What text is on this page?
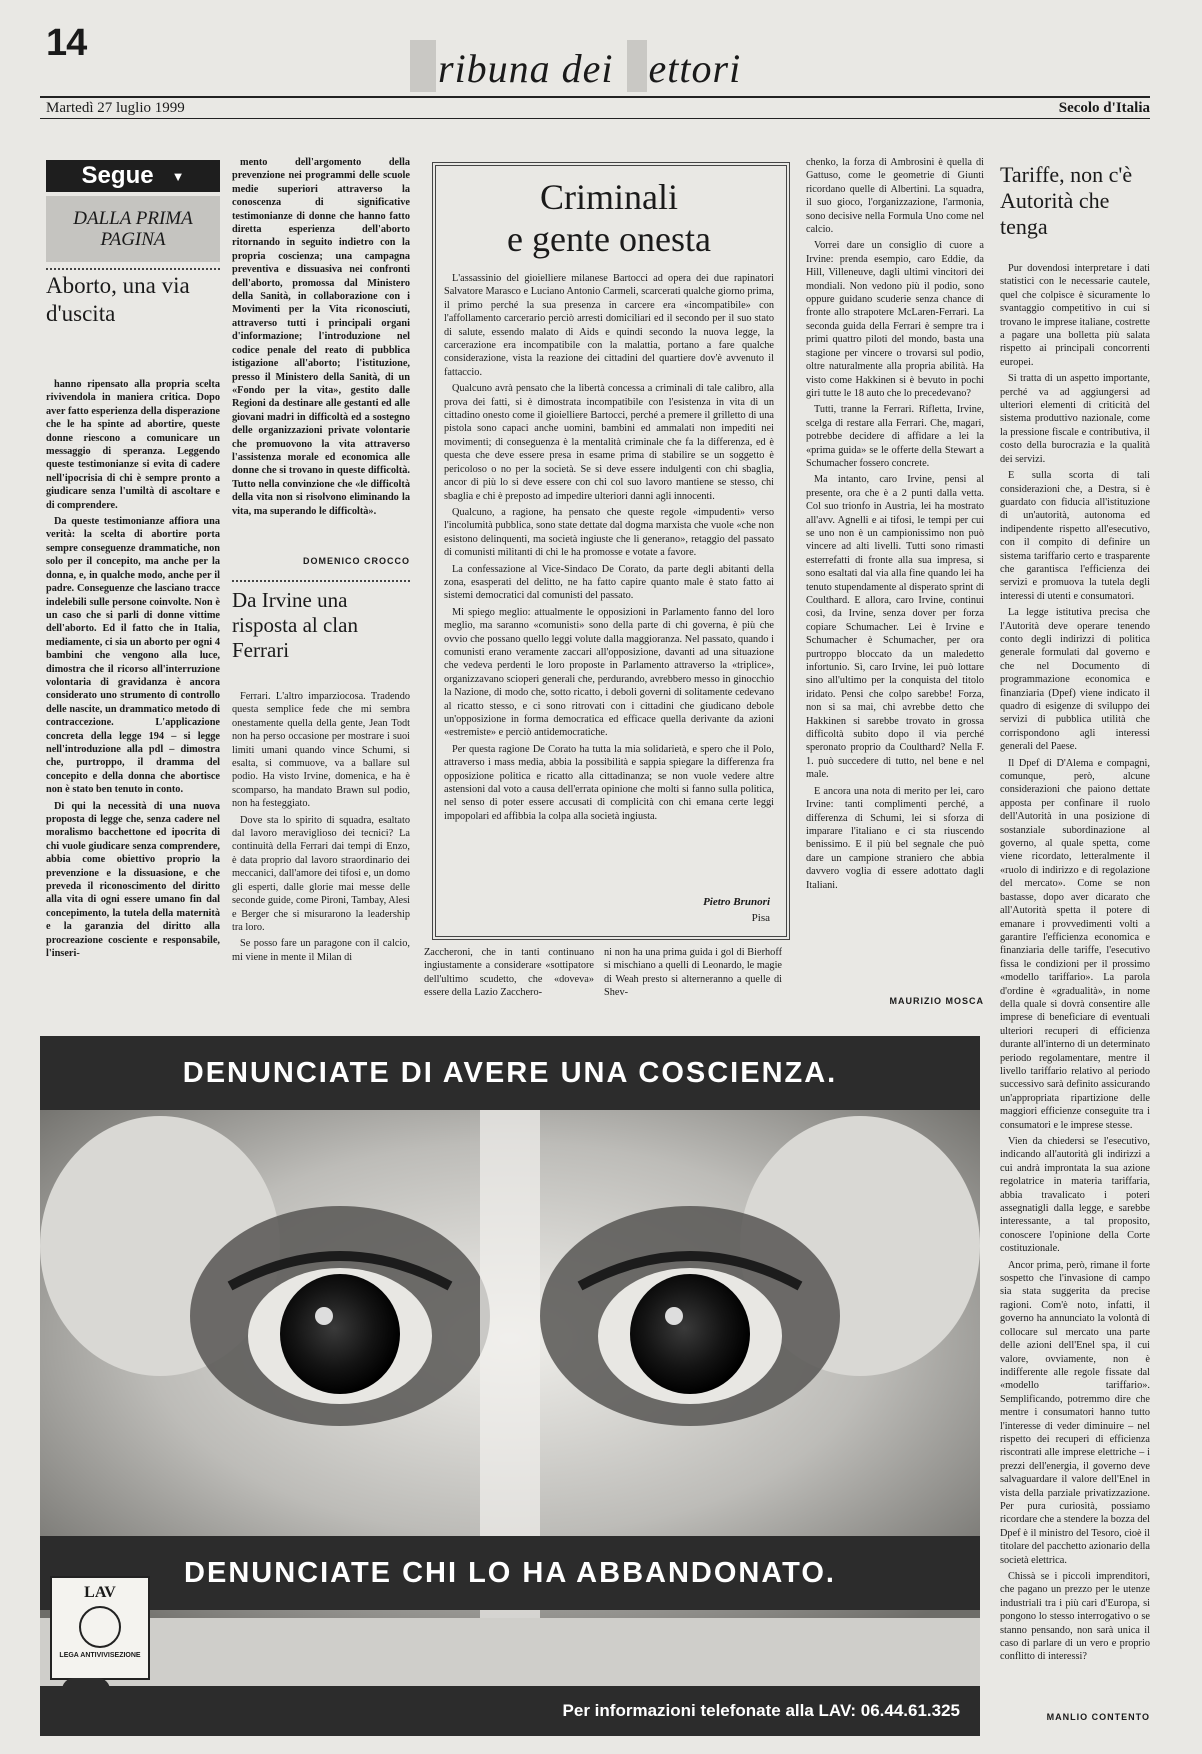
14
ribuna dei ettori
Martedì 27 luglio 1999	Secolo d'Italia
Segue ▼
DALLA PRIMA PAGINA
Aborto, una via d'uscita

hanno ripensato alla propria scelta rivivendola in maniera critica. Dopo aver fatto esperienza della disperazione che le ha spinte ad abortire, queste donne riescono a comunicare un messaggio di speranza. Leggendo queste testimonianze si evita di cadere nell'ipocrisia di chi è sempre pronto a giudicare senza l'umiltà di ascoltare e di comprendere.

Da queste testimonianze affiora una verità: la scelta di abortire porta sempre conseguenze drammatiche, non solo per il concepito, ma anche per la donna, e, in qualche modo, anche per il padre. Conseguenze che lasciano tracce indelebili sulle persone coinvolte. Non è un caso che si parli di donne vittime dell'aborto. Ed il fatto che in Italia, mediamente, ci sia un aborto per ogni 4 bambini che vengono alla luce, dimostra che il ricorso all'interruzione volontaria di gravidanza è ancora considerato uno strumento di controllo delle nascite, un drammatico metodo di contraccezione. L'applicazione concreta della legge 194 – si legge nell'introduzione alla pdl – dimostra che, purtroppo, il dramma del concepito e della donna che abortisce non è stato ben tenuto in conto.

Di qui la necessità di una nuova proposta di legge che, senza cadere nel moralismo bacchettone ed ipocrita di chi vuole giudicare senza comprendere, abbia come obiettivo proprio la prevenzione e la dissuasione, e che preveda il riconoscimento del diritto alla vita di ogni essere umano fin dal concepimento, la tutela della maternità e la garanzia del diritto alla procreazione cosciente e responsabile, l'inseri-

mento dell'argomento della prevenzione nei programmi delle scuole medie superiori attraverso la conoscenza di significative testimonianze di donne che hanno fatto diretta esperienza dell'aborto ritornando in seguito indietro con la propria coscienza; una campagna preventiva e dissuasiva nei confronti dell'aborto, promossa dal Ministero della Sanità, in collaborazione con i Movimenti per la Vita riconosciuti, attraverso tutti i principali organi d'informazione; l'introduzione nel codice penale del reato di pubblica istigazione all'aborto; l'istituzione, presso il Ministero della Sanità, di un «Fondo per la vita», gestito dalle Regioni da destinare alle gestanti ed alle giovani madri in difficoltà ed a sostegno delle organizzazioni private volontarie che promuovono la vita attraverso l'assistenza morale ed economica alle donne che si trovano in queste difficoltà. Tutto nella convinzione che «le difficoltà della vita non si risolvono eliminando la vita, ma superando le difficoltà».

DOMENICO CROCCO
Da Irvine una risposta al clan Ferrari

Ferrari. L'altro imparziocosa. Tradendo questa semplice fede che mi sembra onestamente quella della gente, Jean Todt non ha perso occasione per mostrare i suoi limiti umani quando vince Schumi, si esalta, si commuove, va a ballare sul podio. Ha visto Irvine, domenica, e ha è scomparso, ha mandato Brawn sul podio, non ha festeggiato.

Dove sta lo spirito di squadra, esaltato dal lavoro meraviglioso dei tecnici? La continuità della Ferrari dai tempi di Enzo, è data proprio dal lavoro straordinario dei meccanici, dall'amore dei tifosi e, un domo gli esperti, dalle glorie mai messe delle seconde guide, come Pironi, Tambay, Alesi e Berger che si misurarono la leadership tra loro.

Se posso fare un paragone con il calcio, mi viene in mente il Milan di

Criminali
e gente onesta

L'assassinio del gioielliere milanese Bartocci ad opera dei due rapinatori Salvatore Marasco e Luciano Antonio Carmeli, scarcerati qualche giorno prima, il primo perché la sua presenza in carcere era «incompatibile» con l'affollamento carcerario perciò arresti domiciliari ed il secondo per il suo stato di salute, essendo malato di Aids e quindi secondo la nuova legge, la carcerazione era incompatibile con la malattia, portano a fare qualche considerazione, vista la reazione dei cittadini del quartiere dov'è avvenuto il fattaccio.

Qualcuno avrà pensato che la libertà concessa a criminali di tale calibro, alla prova dei fatti, si è dimostrata incompatibile con l'esistenza in vita di un cittadino onesto come il gioielliere Bartocci, perché a premere il grilletto di una pistola sono capaci anche uomini, bambini ed ammalati non impediti nei movimenti; di conseguenza è la mentalità criminale che fa la differenza, ed è questa che deve essere presa in esame prima di stabilire se un soggetto è pericoloso o no per la società. Se si deve essere indulgenti con chi sbaglia, ancor di più lo si deve essere con chi col suo lavoro mantiene se stesso, chi sbaglia e chi è preposto ad impedire ulteriori danni agli innocenti.

Qualcuno, a ragione, ha pensato che queste regole «impudenti» verso l'incolumità pubblica, sono state dettate dal dogma marxista che vuole «che non esistono delinquenti, ma società ingiuste che li generano», retaggio del passato di comunisti militanti di chi le ha promosse e votate a favore.

La confessazione al Vice-Sindaco De Corato, da parte degli abitanti della zona, esasperati del delitto, ne ha fatto capire quanto male è stato fatto ai sistemi democratici dal comunisti del passato.

Mi spiego meglio: attualmente le opposizioni in Parlamento fanno del loro meglio, ma saranno «comunisti» sono della parte di chi governa, è più che ovvio che possano quello leggi volute dalla maggioranza. Nel passato, quando i comunisti erano veramente zaccari all'opposizione, davanti ad una situazione che vedeva perdenti le loro proposte in Parlamento attraverso la «triplice», organizzavano scioperi generali che, perdurando, avrebbero messo in ginocchio la Nazione, di modo che, sotto ricatto, i deboli governi di solitamente cedevano al ricatto stesso, e ci sono ritrovati con i cittadini che giudicano debole un'opposizione in forma democratica ed efficace quella derivante da azioni «estremiste» e perciò antidemocratiche.

Per questa ragione De Corato ha tutta la mia solidarietà, e spero che il Polo, attraverso i mass media, abbia la possibilità e sappia spiegare la differenza fra opposizione politica e ricatto alla cittadinanza; se non vuole vedere altre astensioni dal voto a causa dell'errata opinione che molti si fanno sulla politica, nel senso di poter essere accusati di complicità con chi emana certe leggi impopolari ed affibbia la colpa alla società ingiusta.

Pietro Brunori
Pisa

Zaccheroni, che in tanti continuano ingiustamente a considerare «sottipatore dell'ultimo scudetto, che «doveva» essere della Lazio Zacchero-

ni non ha una prima guida i gol di Bierhoff si mischiano a quelli di Leonardo, le magie di Weah presto si alterneranno a quelle di Shev-

chenko, la forza di Ambrosini è quella di Gattuso, come le geometrie di Giunti ricordano quelle di Albertini. La squadra, il suo gioco, l'organizzazione, l'armonia, sono decisive nella Formula Uno come nel calcio.

Vorrei dare un consiglio di cuore a Irvine: prenda esempio, caro Eddie, da Hill, Villeneuve, dagli ultimi vincitori dei mondiali. Non vedono più il podio, sono oppure guidano scuderie senza chance di fronte allo strapotere McLaren-Ferrari. La seconda guida della Ferrari è sempre tra i primi quattro piloti del mondo, basta una stagione per vincere o trovarsi sul podio, oltre naturalmente alla propria abilità. Ha visto come Hakkinen si è bevuto in pochi giri tutte le 18 auto che lo precedevano?

Tutti, tranne la Ferrari. Rifletta, Irvine, scelga di restare alla Ferrari. Che, magari, potrebbe decidere di affidare a lei la «prima guida» se le offerte della Stewart a Schumacher fossero concrete.

Ma intanto, caro Irvine, pensi al presente, ora che è a 2 punti dalla vetta. Col suo trionfo in Austria, lei ha mostrato all'avv. Agnelli e ai tifosi, le tempi per cui se uno non è un campionissimo non può vincere ad alti livelli. Tutti sono rimasti esterrefatti di fronte alla sua impresa, si sono esaltati dal via alla fine quando lei ha tenuto stupendamente al disperato sprint di Coulthard. E allora, caro Irvine, continui così, da Irvine, senza dover per forza copiare Schumacher. Lei è Irvine e Schumacher è Schumacher, per ora purtroppo bloccato da un maledetto infortunio. Sì, caro Irvine, lei può lottare sino all'ultimo per la conquista del titolo iridato. Pensi che colpo sarebbe! Forza, non si sa mai, chi avrebbe detto che Hakkinen si sarebbe trovato in grossa difficoltà subito dopo il via perché speronato proprio da Coulthard? Nella F. 1. può succedere di tutto, nel bene e nel male.

E ancora una nota di merito per lei, caro Irvine: tanti complimenti perché, a differenza di Schumi, lei si sforza di imparare l'italiano e ci sta riuscendo benissimo. E il più bel segnale che può dare un campione straniero che abbia davvero voglia di essere adottato dagli Italiani.

MAURIZIO MOSCA
Tariffe, non c'è Autorità che tenga

Pur dovendosi interpretare i dati statistici con le necessarie cautele, quel che colpisce è sicuramente lo svantaggio competitivo in cui si trovano le imprese italiane, costrette a pagare una bolletta più salata rispetto ai principali concorrenti europei.

Si tratta di un aspetto importante, perché va ad aggiungersi ad ulteriori elementi di criticità del sistema produttivo nazionale, come la pressione fiscale e contributiva, il costo della burocrazia e la qualità dei servizi.

E sulla scorta di tali considerazioni che, a Destra, si è guardato con fiducia all'istituzione di un'autorità, autonoma ed indipendente rispetto all'esecutivo, con il compito di definire un sistema tariffario certo e trasparente che garantisca l'efficienza dei servizi e promuova la tutela degli interessi di utenti e consumatori.

La legge istitutiva precisa che l'Autorità deve operare tenendo conto degli indirizzi di politica generale formulati dal governo e che nel Documento di programmazione economica e finanziaria (Dpef) viene indicato il quadro di esigenze di sviluppo dei servizi di pubblica utilità che corrispondono agli interessi generali del Paese.

Il Dpef di D'Alema e compagni, comunque, però, alcune considerazioni che paiono dettate apposta per confinare il ruolo dell'Autorità in una posizione di sostanziale subordinazione al governo, al quale spetta, come viene ricordato, letteralmente il «ruolo di indirizzo e di regolazione del mercato». Come se non bastasse, dopo aver dicarato che all'Autorità spetta il potere di emanare i provvedimenti volti a garantire l'efficienza economica e finanziaria delle tariffe, l'esecutivo fissa le condizioni per il prossimo «modello tariffario». La parola d'ordine è «gradualità», in nome della quale si dovrà consentire alle imprese di beneficiare di eventuali ulteriori recuperi di efficienza durante all'interno di un determinato periodo regolamentare, mentre il livello tariffario relativo al periodo successivo sarà definito assicurando un'appropriata ripartizione delle maggiori efficienze conseguite tra i consumatori e le imprese stesse.

Vien da chiedersi se l'esecutivo, indicando all'autorità gli indirizzi a cui andrà improntata la sua azione regolatrice in materia tariffaria, abbia travalicato i poteri assegnatigli dalla legge, e sarebbe interessante, a tal proposito, conoscere l'opinione della Corte costituzionale.

Ancor prima, però, rimane il forte sospetto che l'invasione di campo sia stata suggerita da precise ragioni. Com'è noto, infatti, il governo ha annunciato la volontà di collocare sul mercato una parte delle azioni dell'Enel spa, il cui valore, ovviamente, non è indifferente alle regole fissate dal «modello tariffario». Semplificando, potremmo dire che mentre i consumatori hanno tutto l'interesse di veder diminuire – nel rispetto dei recuperi di efficienza riscontrati alle imprese elettriche – i prezzi dell'energia, il governo deve salvaguardare il valore dell'Enel in vista della parziale privatizzazione. Per pura curiosità, possiamo ricordare che a stendere la bozza del Dpef è il ministro del Tesoro, cioè il titolare del pacchetto azionario della società elettrica.

Chissà se i piccoli imprenditori, che pagano un prezzo per le utenze industriali tra i più cari d'Europa, si pongono lo stesso interrogativo o se stanno pensando, non sarà unica il caso di parlare di un vero e proprio conflitto di interessi?

MANLIO CONTENTO
DENUNCIATE DI AVERE UNA COSCIENZA.
DENUNCIATE CHI LO HA ABBANDONATO.
LAV
LEGA ANTIVIVISEZIONE
Per informazioni telefonate alla LAV: 06.44.61.325
